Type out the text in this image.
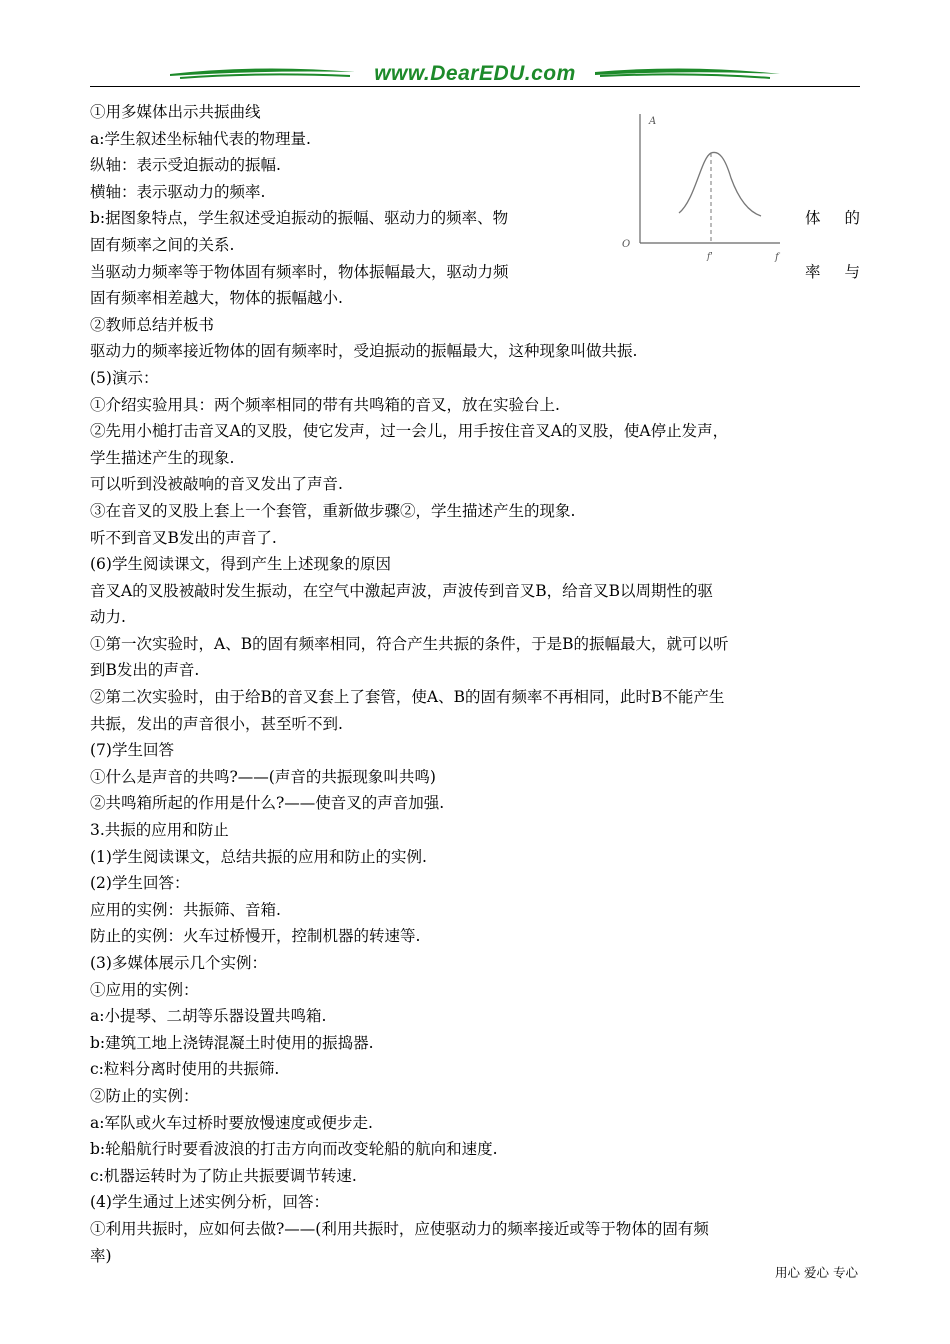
www.DearEDU.com
A
f
O
f'
①用多媒体出示共振曲线
a:学生叙述坐标轴代表的物理量.
纵轴：表示受迫振动的振幅.
横轴：表示驱动力的频率.
b:据图象特点，学生叙述受迫振动的振幅、驱动力的频率、物	体 的
固有频率之间的关系.
当驱动力频率等于物体固有频率时，物体振幅最大，驱动力频	率 与
固有频率相差越大，物体的振幅越小.
②教师总结并板书
驱动力的频率接近物体的固有频率时，受迫振动的振幅最大，这种现象叫做共振.
(5)演示：
①介绍实验用具：两个频率相同的带有共鸣箱的音叉，放在实验台上.
②先用小槌打击音叉A的叉股，使它发声，过一会儿，用手按住音叉A的叉股，使A停止发声，
学生描述产生的现象.
可以听到没被敲响的音叉发出了声音.
③在音叉的叉股上套上一个套管，重新做步骤②，学生描述产生的现象.
听不到音叉B发出的声音了.
(6)学生阅读课文，得到产生上述现象的原因
音叉A的叉股被敲时发生振动，在空气中激起声波，声波传到音叉B，给音叉B以周期性的驱
动力.
①第一次实验时，A、B的固有频率相同，符合产生共振的条件，于是B的振幅最大，就可以听
到B发出的声音.
②第二次实验时，由于给B的音叉套上了套管，使A、B的固有频率不再相同，此时B不能产生
共振，发出的声音很小，甚至听不到.
(7)学生回答
①什么是声音的共鸣?——(声音的共振现象叫共鸣)
②共鸣箱所起的作用是什么?——使音叉的声音加强.
3.共振的应用和防止
(1)学生阅读课文，总结共振的应用和防止的实例.
(2)学生回答：
应用的实例：共振筛、音箱.
防止的实例：火车过桥慢开，控制机器的转速等.
(3)多媒体展示几个实例：
①应用的实例：
a:小提琴、二胡等乐器设置共鸣箱.
b:建筑工地上浇铸混凝土时使用的振捣器.
c:粒料分离时使用的共振筛.
②防止的实例：
a:军队或火车过桥时要放慢速度或便步走.
b:轮船航行时要看波浪的打击方向而改变轮船的航向和速度.
c:机器运转时为了防止共振要调节转速.
(4)学生通过上述实例分析，回答：
①利用共振时，应如何去做?——(利用共振时，应使驱动力的频率接近或等于物体的固有频
率)
用心 爱心 专心
